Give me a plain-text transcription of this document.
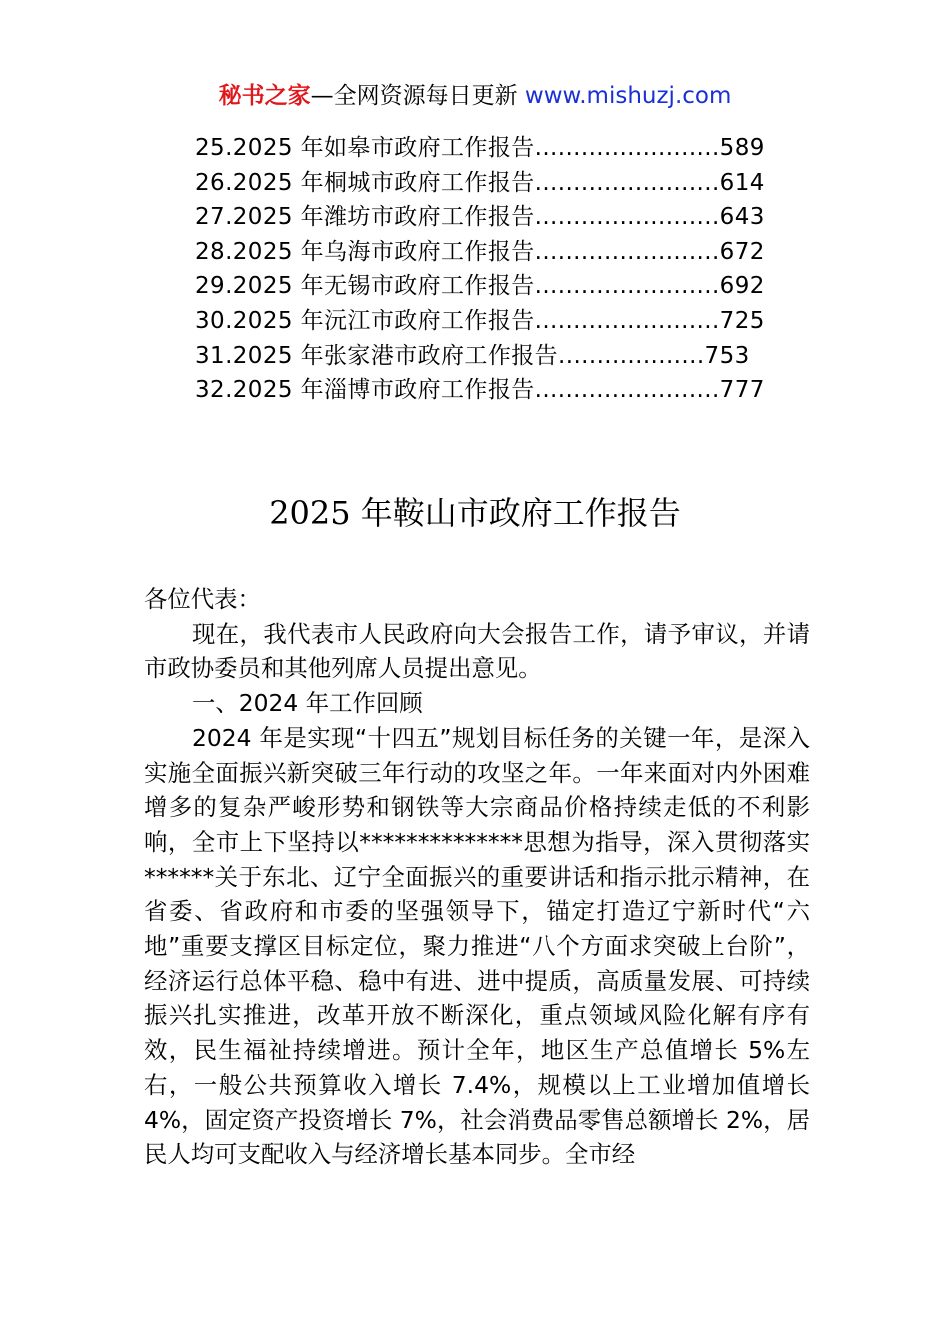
秘书之家—全网资源每日更新 www.mishuzj.com
25.2025 年如皋市政府工作报告........................589
26.2025 年桐城市政府工作报告........................614
27.2025 年潍坊市政府工作报告........................643
28.2025 年乌海市政府工作报告........................672
29.2025 年无锡市政府工作报告........................692
30.2025 年沅江市政府工作报告........................725
31.2025 年张家港市政府工作报告...................753
32.2025 年淄博市政府工作报告........................777
2025 年鞍山市政府工作报告

各位代表：

现在，我代表市人民政府向大会报告工作，请予审议，并请市政协委员和其他列席人员提出意见。

一、2024 年工作回顾

2024 年是实现“十四五”规划目标任务的关键一年，是深入实施全面振兴新突破三年行动的攻坚之年。一年来面对内外困难增多的复杂严峻形势和钢铁等大宗商品价格持续走低的不利影响，全市上下坚持以**************思想为指导，深入贯彻落实******关于东北、辽宁全面振兴的重要讲话和指示批示精神，在省委、省政府和市委的坚强领导下，锚定打造辽宁新时代“六地”重要支撑区目标定位，聚力推进“八个方面求突破上台阶”，经济运行总体平稳、稳中有进、进中提质，高质量发展、可持续振兴扎实推进，改革开放不断深化，重点领域风险化解有序有效，民生福祉持续增进。预计全年，地区生产总值增长 5%左右，一般公共预算收入增长 7.4%，规模以上工业增加值增长 4%，固定资产投资增长 7%，社会消费品零售总额增长 2%，居民人均可支配收入与经济增长基本同步。全市经
